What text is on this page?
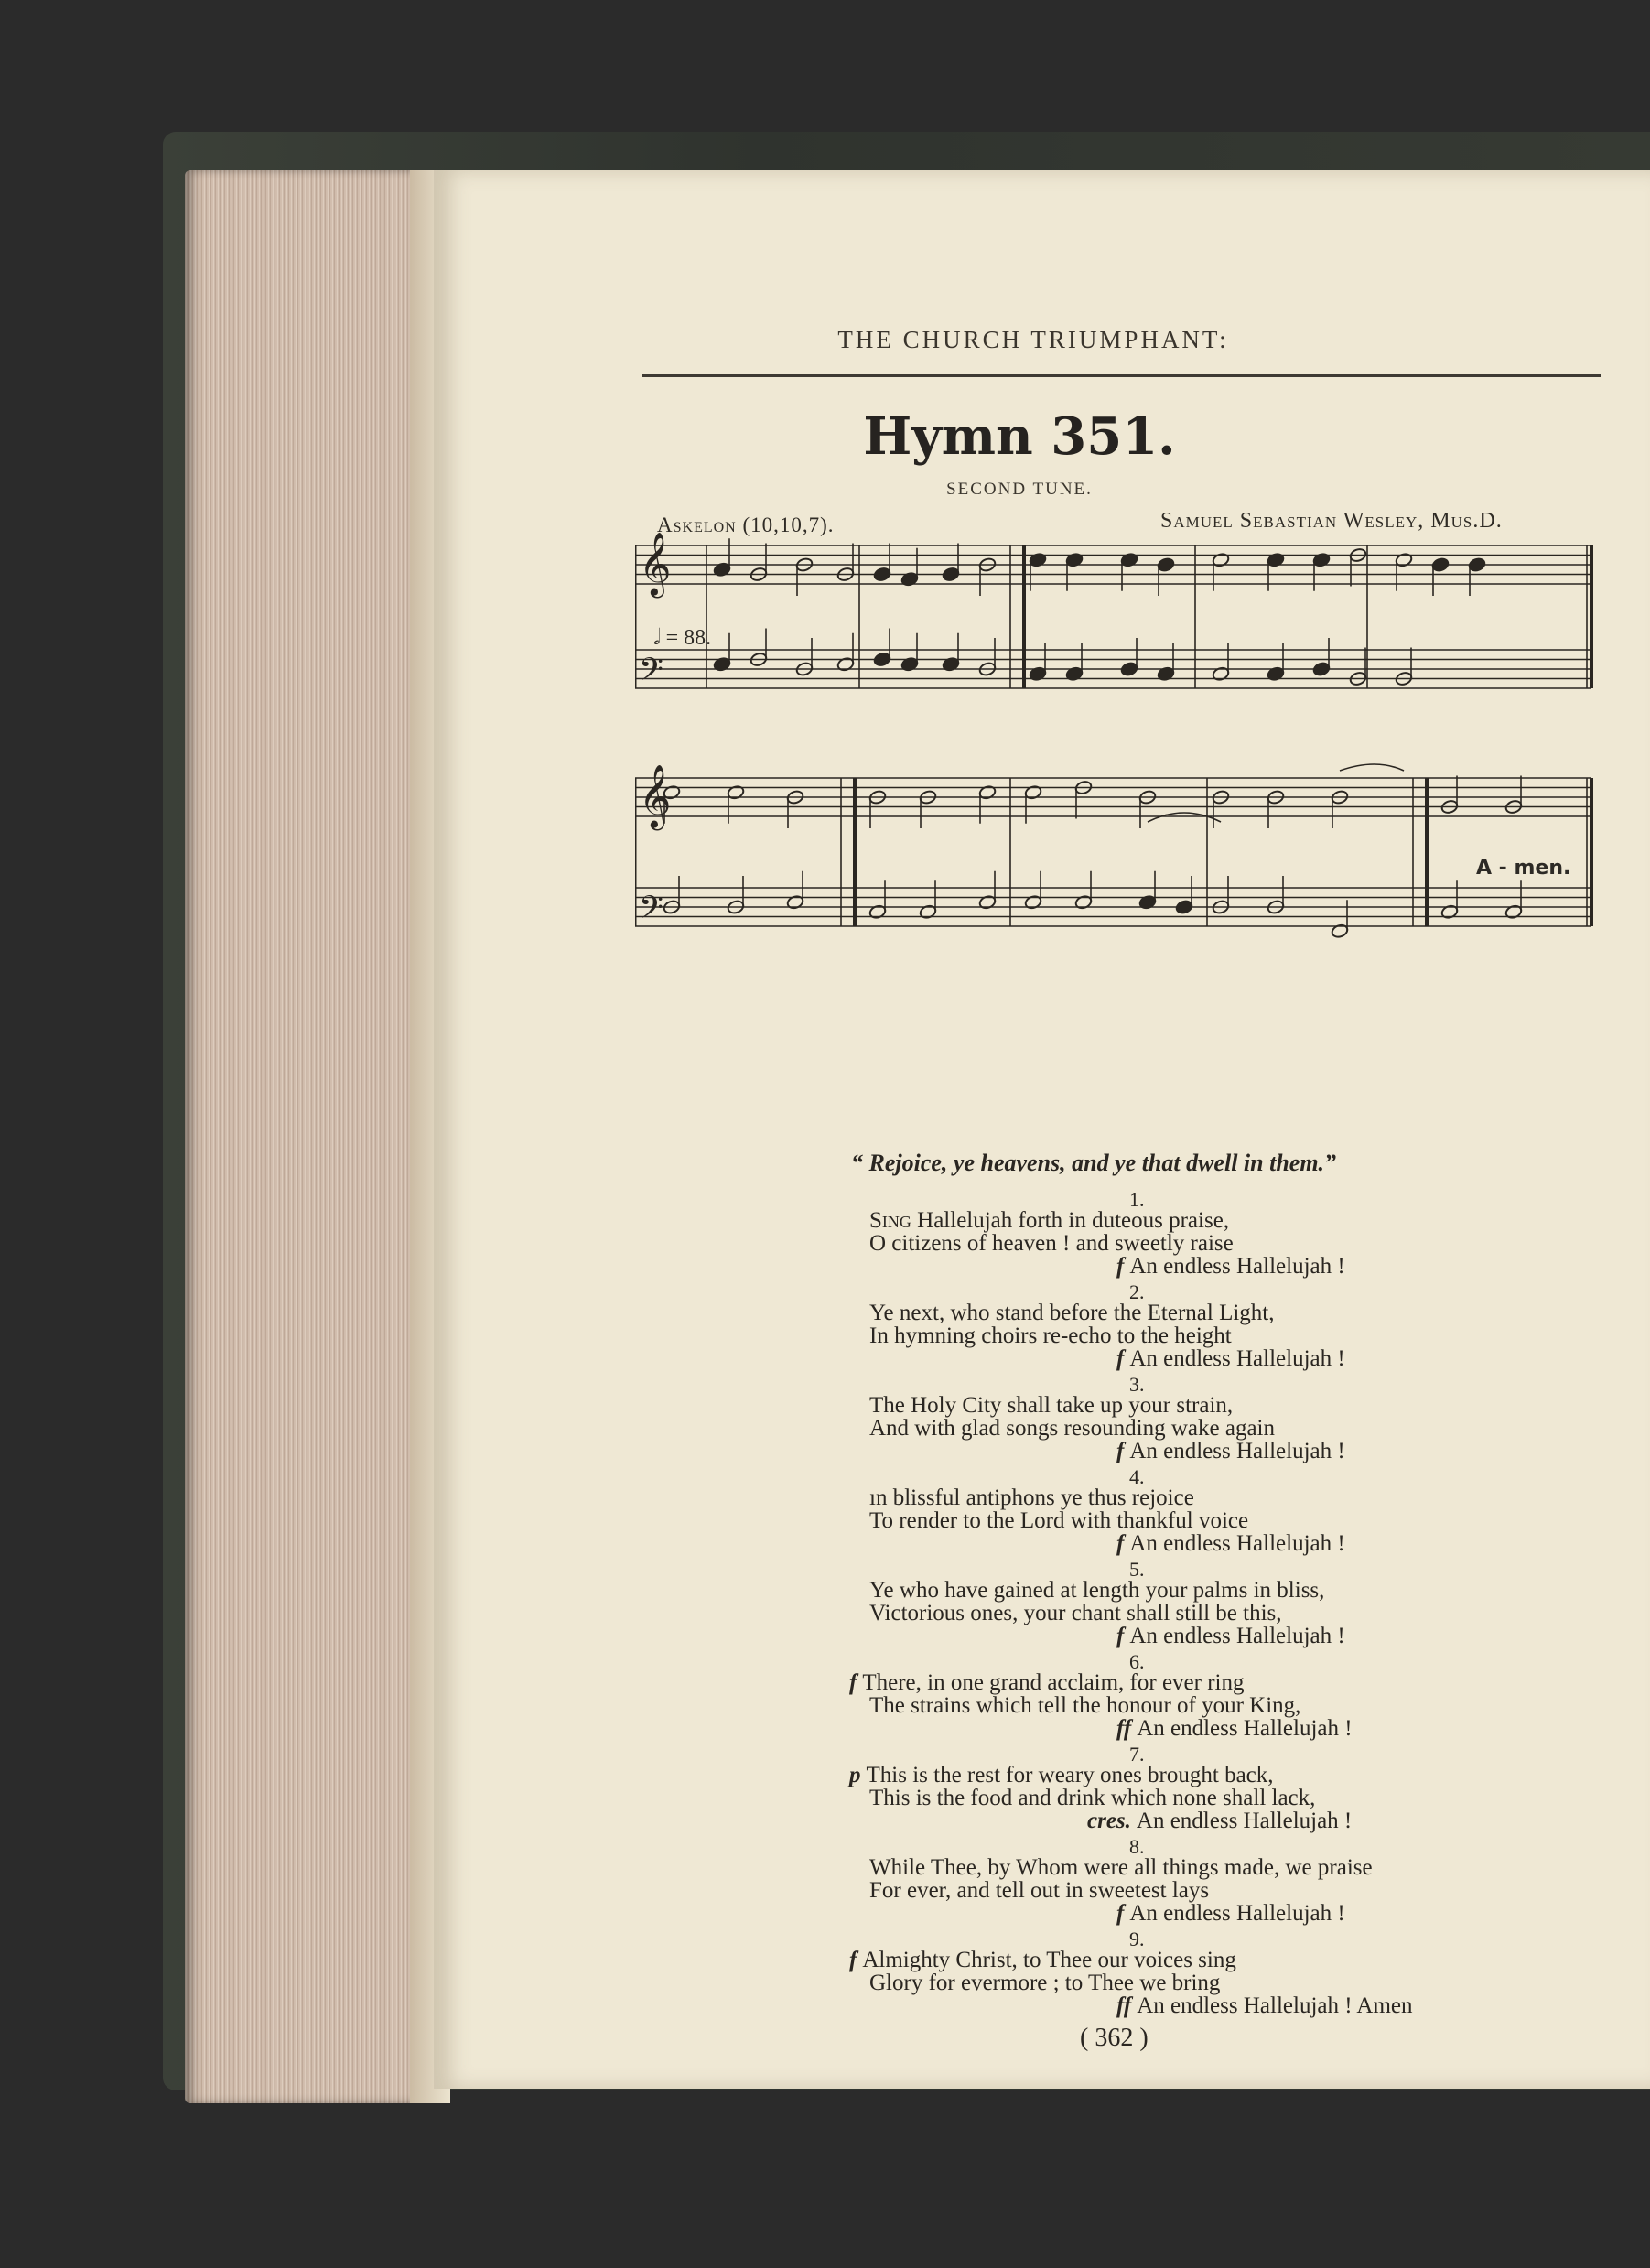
THE CHURCH TRIUMPHANT:
Hymn 351.
SECOND TUNE.
Askelon (10,10,7).	Samuel Sebastian Wesley, Mus.D.
𝄞
𝄢
𝄞
𝄢
𝅗𝅥 = 88.
A - men.
“ Rejoice, ye heavens, and ye that dwell in them.”
1.
Sing Hallelujah forth in duteous praise,
O citizens of heaven ! and sweetly raise
f An endless Hallelujah !
2.
Ye next, who stand before the Eternal Light,
In hymning choirs re-echo to the height
f An endless Hallelujah !
3.
The Holy City shall take up your strain,
And with glad songs resounding wake again
f An endless Hallelujah !
4.
ın blissful antiphons ye thus rejoice
To render to the Lord with thankful voice
f An endless Hallelujah !
5.
Ye who have gained at length your palms in bliss,
Victorious ones, your chant shall still be this,
f An endless Hallelujah !
6.
f There, in one grand acclaim, for ever ring
The strains which tell the honour of your King,
ff An endless Hallelujah !
7.
p This is the rest for weary ones brought back,
This is the food and drink which none shall lack,
cres. An endless Hallelujah !
8.
While Thee, by Whom were all things made, we praise
For ever, and tell out in sweetest lays
f An endless Hallelujah !
9.
f Almighty Christ, to Thee our voices sing
Glory for evermore ; to Thee we bring
ff An endless Hallelujah ! Amen
( 362 )
